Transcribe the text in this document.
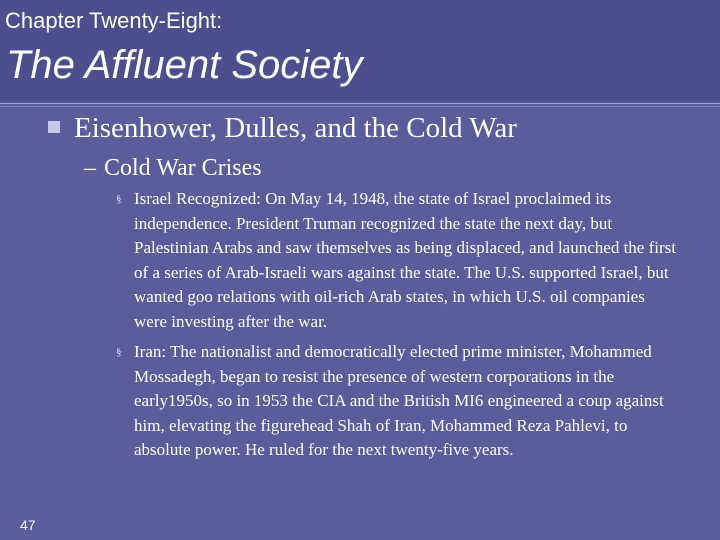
Chapter Twenty-Eight:
The Affluent Society
Eisenhower, Dulles, and the Cold War
– Cold War Crises
§ Israel Recognized: On May 14, 1948, the state of Israel proclaimed its independence. President Truman recognized the state the next day, but Palestinian Arabs and saw themselves as being displaced, and launched the first of a series of Arab-Israeli wars against the state. The U.S. supported Israel, but wanted goo relations with oil-rich Arab states, in which U.S. oil companies were investing after the war.
§ Iran: The nationalist and democratically elected prime minister, Mohammed Mossadegh, began to resist the presence of western corporations in the early1950s, so in 1953 the CIA and the British MI6 engineered a coup against him, elevating the figurehead Shah of Iran, Mohammed Reza Pahlevi, to absolute power. He ruled for the next twenty-five years.
47
